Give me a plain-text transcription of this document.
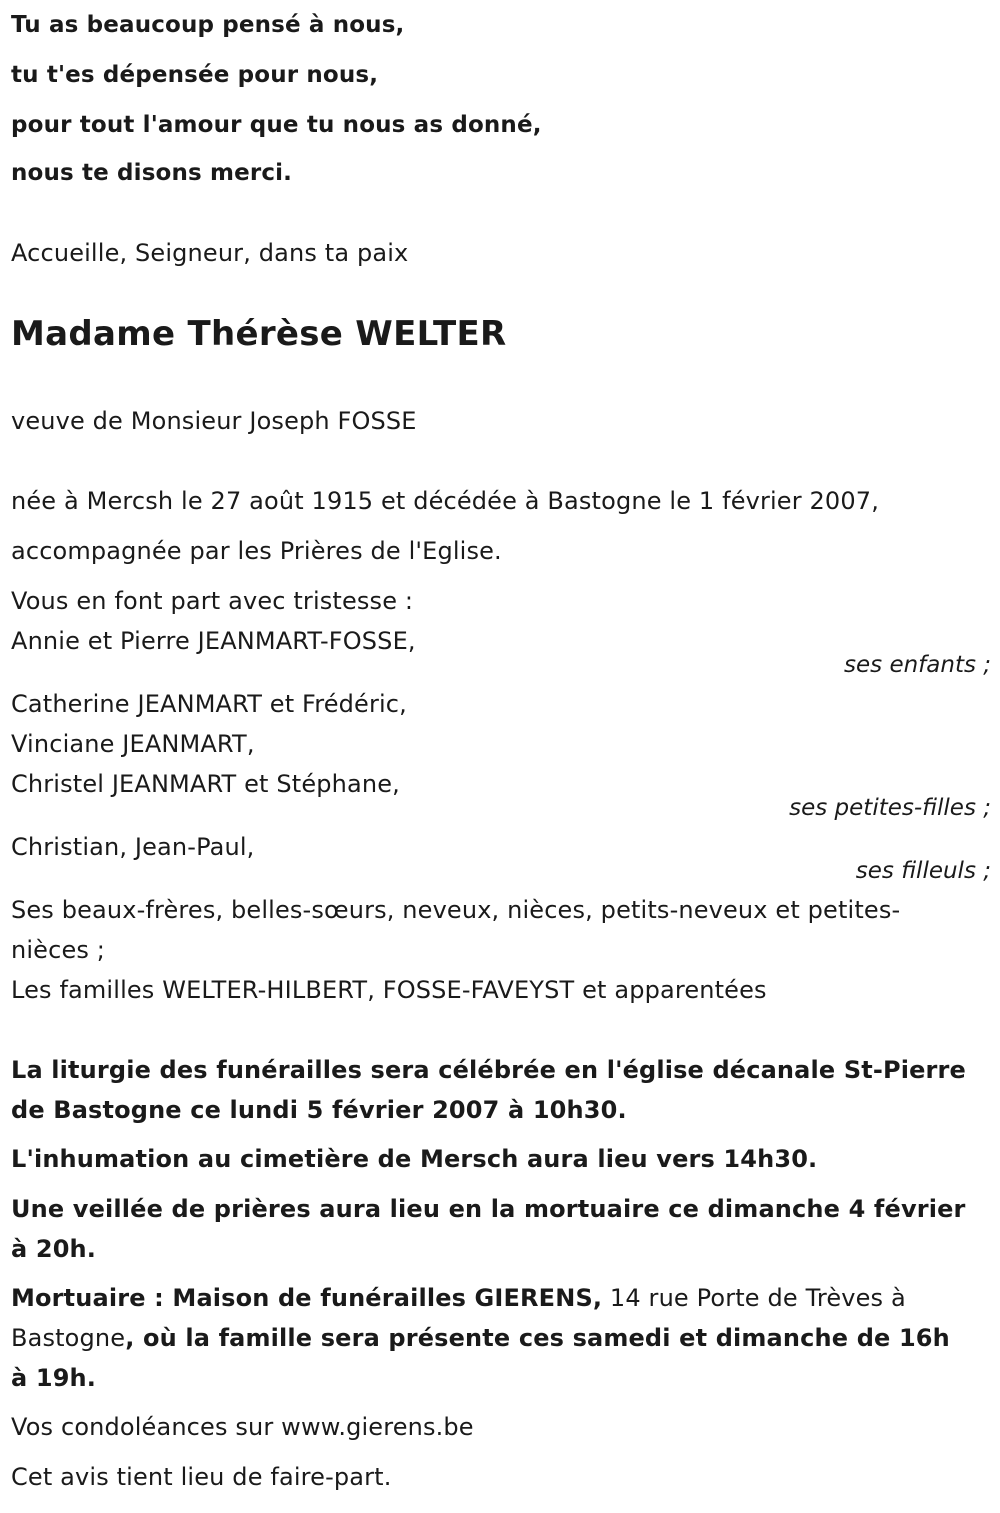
Tu as beaucoup pensé à nous,
tu t'es dépensée pour nous,
pour tout l'amour que tu nous as donné,
nous te disons merci.
Accueille, Seigneur, dans ta paix
Madame Thérèse WELTER
veuve de Monsieur Joseph FOSSE
née à Mercsh le 27 août 1915 et décédée à Bastogne le 1 février 2007,
accompagnée par les Prières de l'Eglise.
Vous en font part avec tristesse :
Annie et Pierre JEANMART-FOSSE,
ses enfants ;
Catherine JEANMART et Frédéric,
Vinciane JEANMART,
Christel JEANMART et Stéphane,
ses petites-filles ;
Christian, Jean-Paul,
ses filleuls ;
Ses beaux-frères, belles-sœurs, neveux, nièces, petits-neveux et petites-
nièces ;
Les familles WELTER-HILBERT, FOSSE-FAVEYST et apparentées
La liturgie des funérailles sera célébrée en l'église décanale St-Pierre
de Bastogne ce lundi 5 février 2007 à 10h30.
L'inhumation au cimetière de Mersch aura lieu vers 14h30.
Une veillée de prières aura lieu en la mortuaire ce dimanche 4 février
à 20h.
Mortuaire : Maison de funérailles GIERENS, 14 rue Porte de Trèves à
Bastogne, où la famille sera présente ces samedi et dimanche de 16h
à 19h.
Vos condoléances sur www.gierens.be
Cet avis tient lieu de faire-part.
